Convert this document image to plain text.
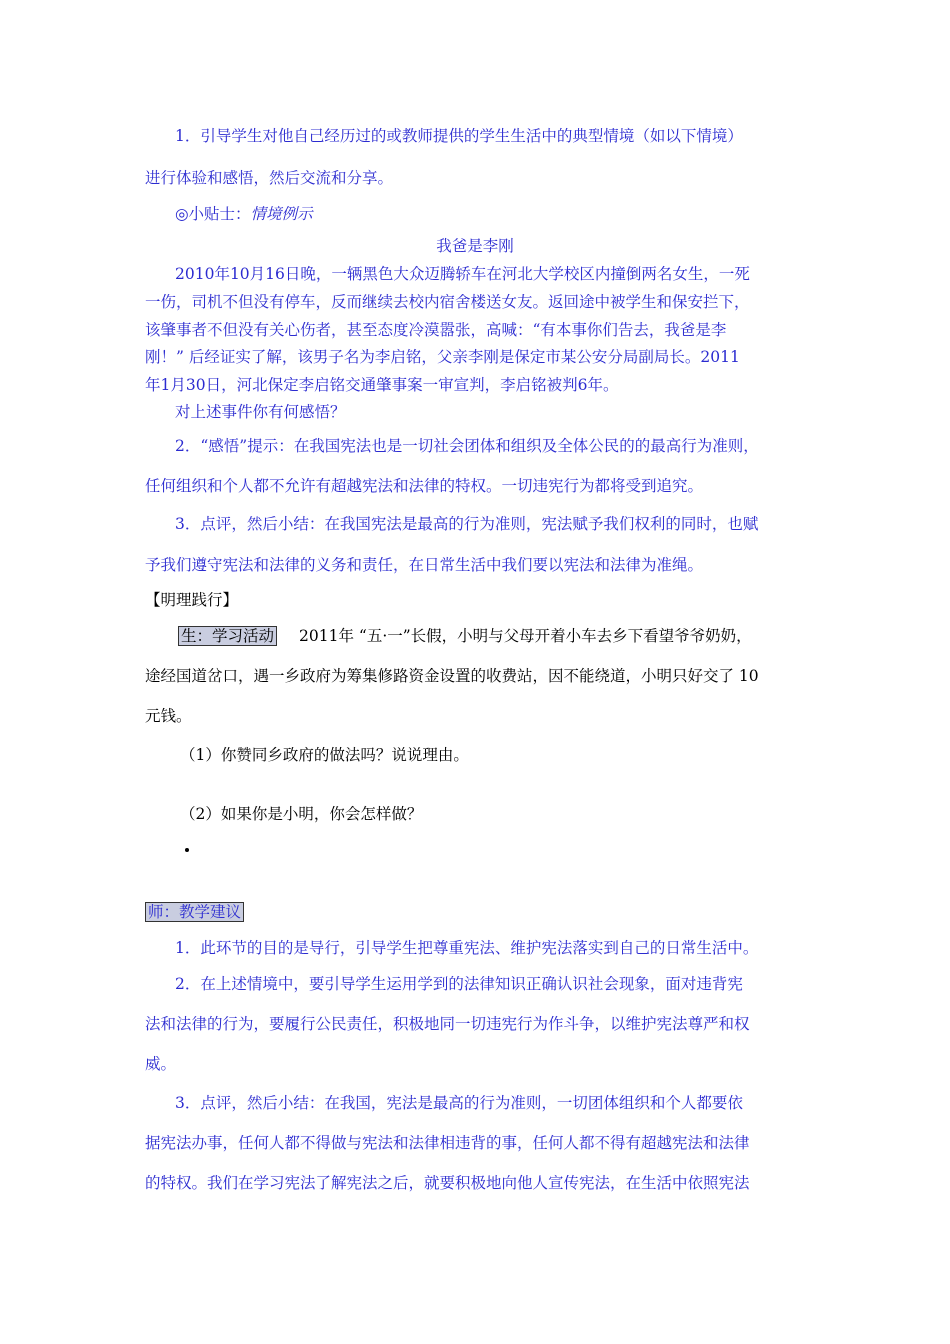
1．引导学生对他自己经历过的或教师提供的学生生活中的典型情境（如以下情境）
进行体验和感悟，然后交流和分享。
◎小贴士：情境例示
我爸是李刚
2010年10月16日晚，一辆黑色大众迈腾轿车在河北大学校区内撞倒两名女生，一死
一伤，司机不但没有停车，反而继续去校内宿舍楼送女友。返回途中被学生和保安拦下，
该肇事者不但没有关心伤者，甚至态度冷漠嚣张，高喊：“有本事你们告去，我爸是李
刚！” 后经证实了解，该男子名为李启铭，父亲李刚是保定市某公安分局副局长。2011
年1月30日，河北保定李启铭交通肇事案一审宣判，李启铭被判6年。
对上述事件你有何感悟？
2．“感悟”提示：在我国宪法也是一切社会团体和组织及全体公民的的最高行为准则，
任何组织和个人都不允许有超越宪法和法律的特权。一切违宪行为都将受到追究。
3．点评，然后小结：在我国宪法是最高的行为准则，宪法赋予我们权利的同时，也赋
予我们遵守宪法和法律的义务和责任，在日常生活中我们要以宪法和法律为准绳。
【明理践行】
生：学习活动 2011年 “五·一”长假，小明与父母开着小车去乡下看望爷爷奶奶，
途经国道岔口，遇一乡政府为筹集修路资金设置的收费站，因不能绕道，小明只好交了 10
元钱。
（1）你赞同乡政府的做法吗？说说理由。
（2）如果你是小明，你会怎样做？
师：教学建议
1．此环节的目的是导行，引导学生把尊重宪法、维护宪法落实到自己的日常生活中。
2．在上述情境中，要引导学生运用学到的法律知识正确认识社会现象，面对违背宪
法和法律的行为，要履行公民责任，积极地同一切违宪行为作斗争，以维护宪法尊严和权
威。
3．点评，然后小结：在我国，宪法是最高的行为准则，一切团体组织和个人都要依
据宪法办事，任何人都不得做与宪法和法律相违背的事，任何人都不得有超越宪法和法律
的特权。我们在学习宪法了解宪法之后，就要积极地向他人宣传宪法，在生活中依照宪法
